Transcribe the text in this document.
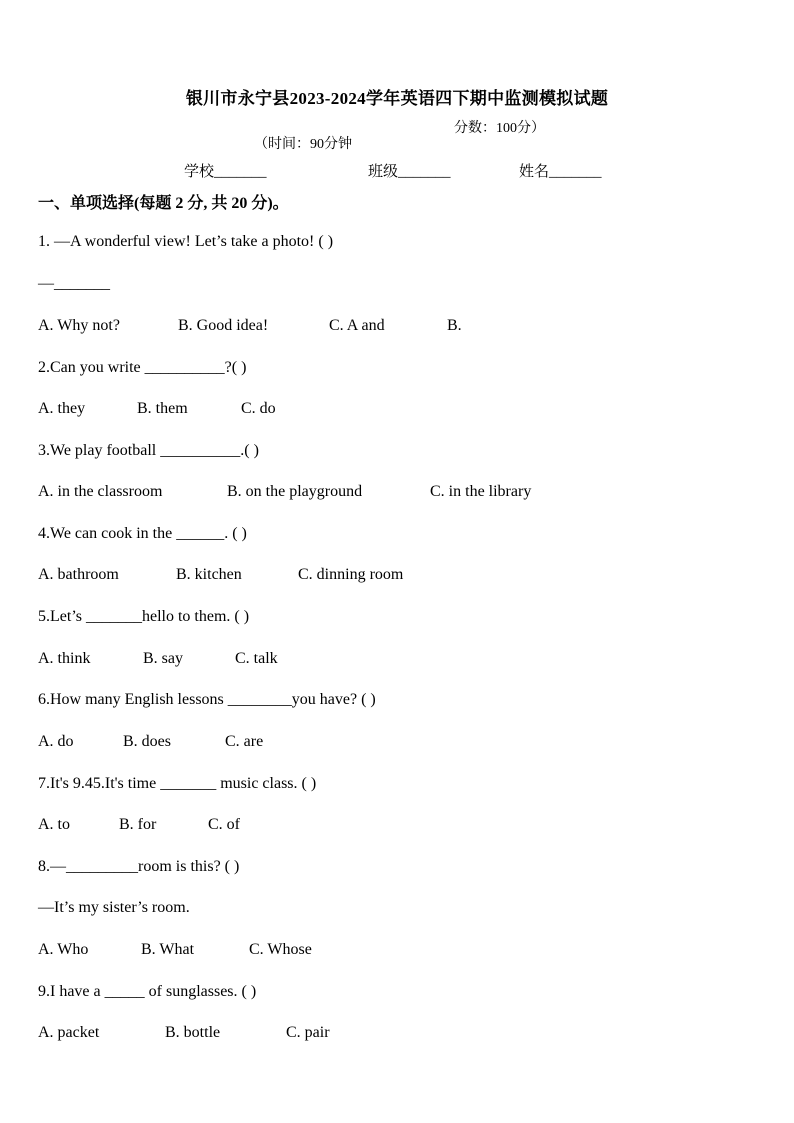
银川市永宁县2023-2024学年英语四下期中监测模拟试题

（时间：90分钟

分数：100分）

学校_______	班级_______	姓名_______
一、单项选择(每题 2 分, 共 20 分)。
1. —A wonderful view! Let’s take a photo! ( )
—_______
A. Why not?	B. Good idea!	C. A and	B.
2.Can you write __________?( )
A. they	B. them	C. do
3.We play football __________.( )
A. in the classroom	B. on the playground	C. in the library
4.We can cook in the ______. ( )
A. bathroom	B. kitchen	C. dinning room
5.Let’s _______hello to them. ( )
A. think	B. say	C. talk
6.How many English lessons ________you have? ( )
A. do	B. does	C. are
7.It's 9.45.It's time _______ music class. ( )
A. to	B. for	C. of
8.—_________room is this? ( )
—It’s my sister’s room.
A. Who	B. What	C. Whose
9.I have a _____ of sunglasses. ( )
A. packet	B. bottle	C. pair
